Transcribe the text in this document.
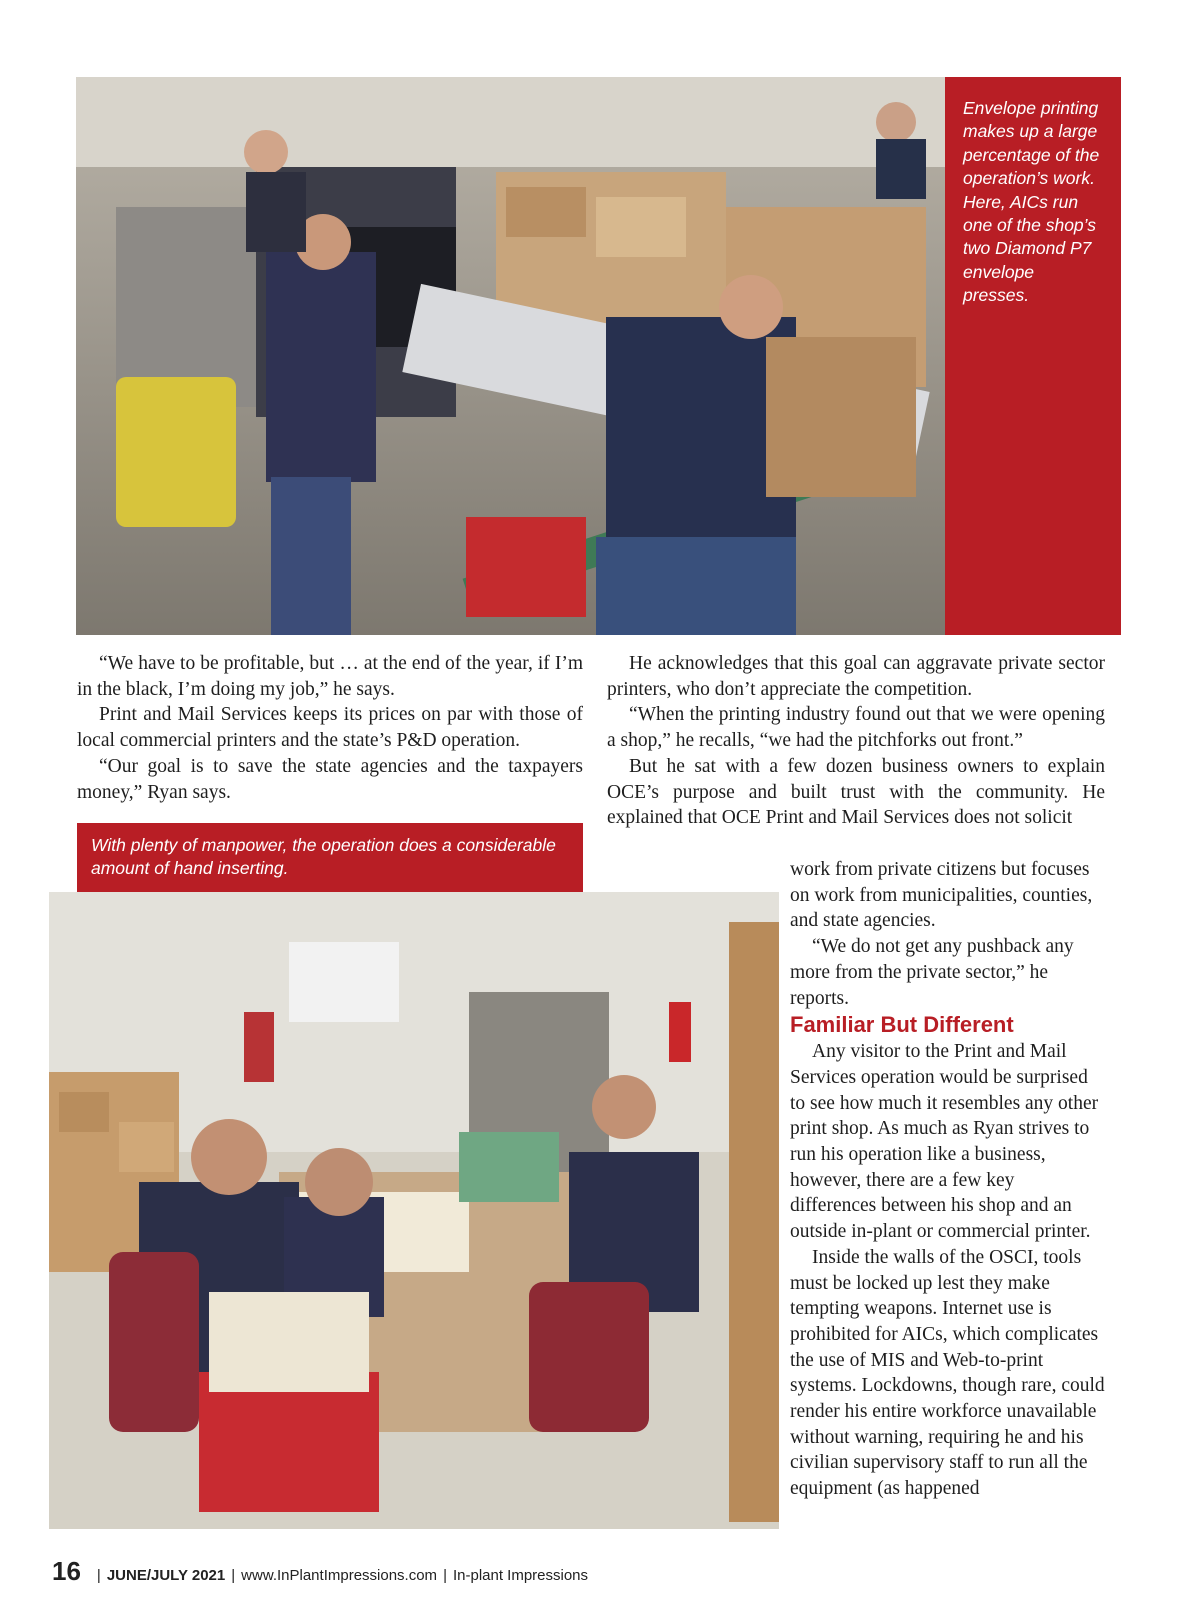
Envelope printing makes up a large percentage of the operation’s work. Here, AICs run one of the shop’s two Diamond P7 envelope presses.
With plenty of manpower, the operation does a considerable amount of hand inserting.

“We have to be profitable, but … at the end of the year, if I’m in the black, I’m doing my job,” he says.

Print and Mail Services keeps its prices on par with those of local commercial printers and the state’s P&D operation.

“Our goal is to save the state agencies and the taxpayers money,” Ryan says.

He acknowledges that this goal can aggravate private sector printers, who don’t appreciate the competition.

“When the printing industry found out that we were opening a shop,” he recalls, “we had the pitchforks out front.”

But he sat with a few dozen business owners to explain OCE’s purpose and built trust with the community. He explained that OCE Print and Mail Services does not solicit

work from private citizens but focuses on work from municipalities, counties, and state agencies.

“We do not get any pushback any more from the private sector,” he reports.

Familiar But Different

Any visitor to the Print and Mail Services operation would be surprised to see how much it resembles any other print shop. As much as Ryan strives to run his operation like a business, however, there are a few key differences between his shop and an outside in-plant or commercial printer.

Inside the walls of the OSCI, tools must be locked up lest they make tempting weapons. Internet use is prohibited for AICs, which complicates the use of MIS and Web-to-print systems. Lockdowns, though rare, could render his entire workforce unavailable without warning, requiring he and his civilian supervisory staff to run all the equipment (as happened

16 | JUNE/JULY 2021 | www.InPlantImpressions.com | In-plant Impressions
